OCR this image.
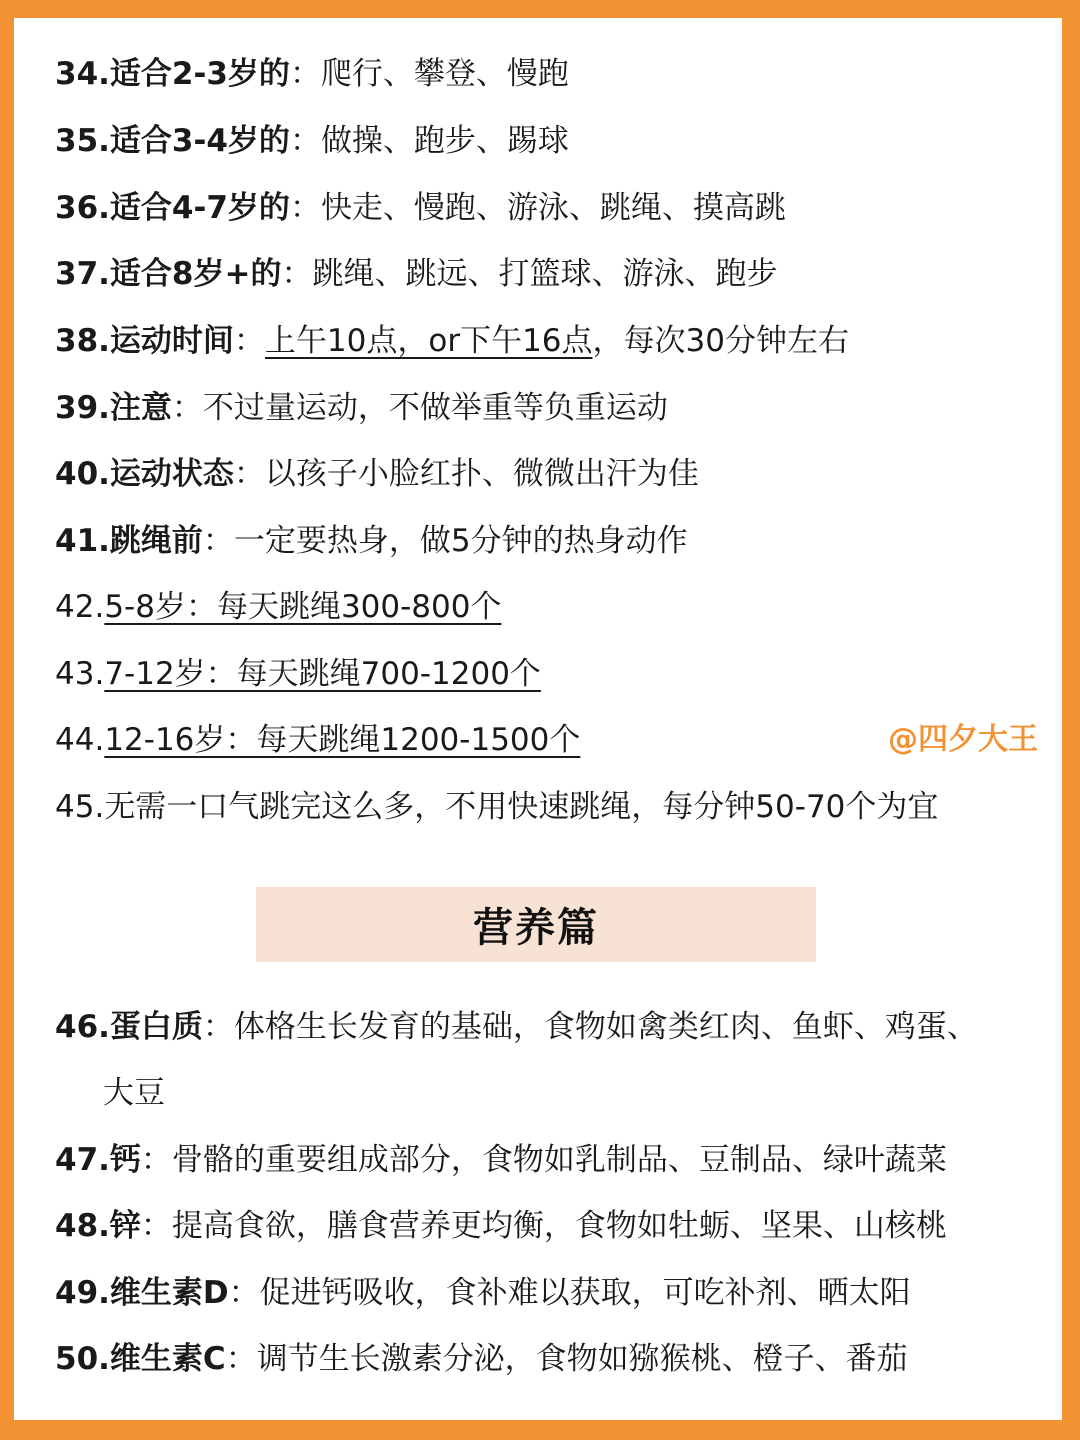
34.适合2-3岁的：爬行、攀登、慢跑
35.适合3-4岁的：做操、跑步、踢球
36.适合4-7岁的：快走、慢跑、游泳、跳绳、摸高跳
37.适合8岁+的：跳绳、跳远、打篮球、游泳、跑步
38.运动时间：上午10点，or下午16点，每次30分钟左右
39.注意：不过量运动，不做举重等负重运动
40.运动状态：以孩子小脸红扑、微微出汗为佳
41.跳绳前：一定要热身，做5分钟的热身动作
42.5-8岁：每天跳绳300-800个
43.7-12岁：每天跳绳700-1200个
44.12-16岁：每天跳绳1200-1500个	@四夕大王
45.无需一口气跳完这么多，不用快速跳绳，每分钟50-70个为宜
营养篇
46.蛋白质：体格生长发育的基础，食物如禽类红肉、鱼虾、鸡蛋、
大豆
47.钙：骨骼的重要组成部分，食物如乳制品、豆制品、绿叶蔬菜
48.锌：提高食欲，膳食营养更均衡，食物如牡蛎、坚果、山核桃
49.维生素D：促进钙吸收，食补难以获取，可吃补剂、晒太阳
50.维生素C：调节生长激素分泌，食物如猕猴桃、橙子、番茄
